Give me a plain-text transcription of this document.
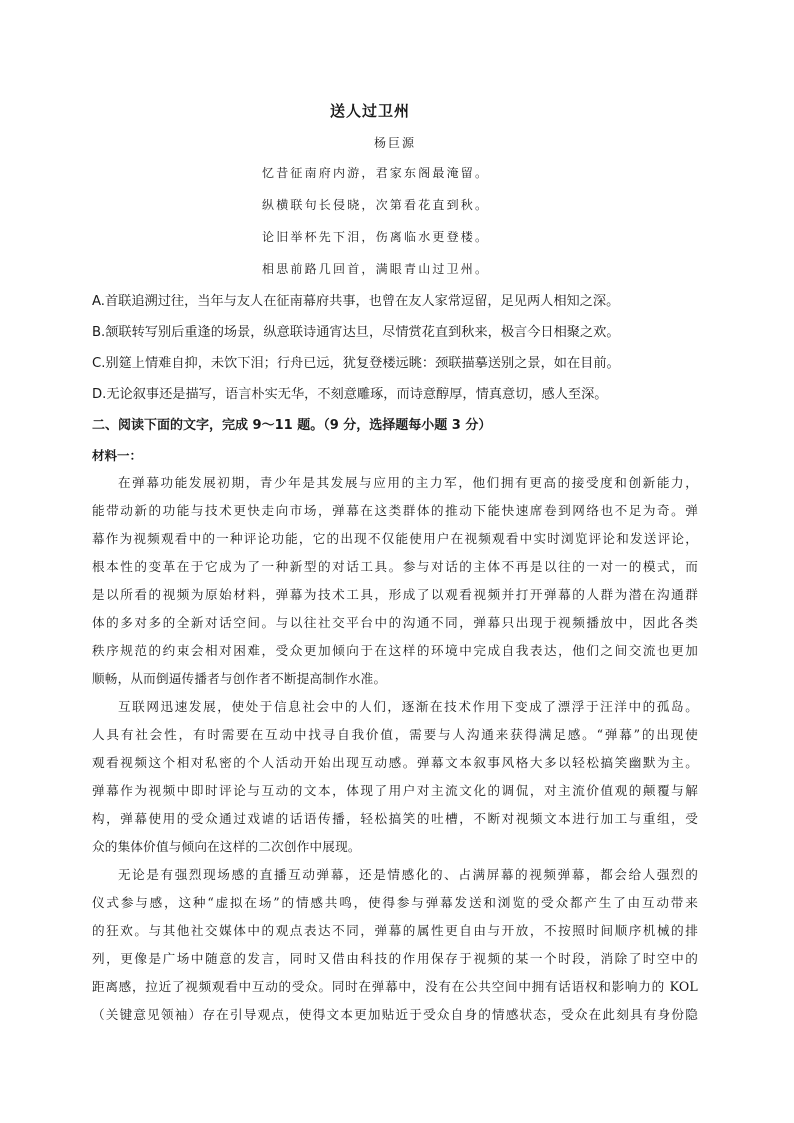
送人过卫州
杨巨源
忆昔征南府内游，君家东阁最淹留。
纵横联句长侵晓，次第看花直到秋。
论旧举杯先下泪，伤离临水更登楼。
相思前路几回首，满眼青山过卫州。
A.首联追溯过往，当年与友人在征南幕府共事，也曾在友人家常逗留，足见两人相知之深。
B.颔联转写别后重逢的场景，纵意联诗通宵达旦，尽情赏花直到秋来，极言今日相聚之欢。
C.别筵上情难自抑，未饮下泪；行舟已远，犹复登楼远眺：颈联描摹送别之景，如在目前。
D.无论叙事还是描写，语言朴实无华，不刻意雕琢，而诗意醇厚，情真意切，感人至深。
二、阅读下面的文字，完成 9～11 题。（9 分，选择题每小题 3 分）
材料一：
在弹幕功能发展初期，青少年是其发展与应用的主力军，他们拥有更高的接受度和创新能力，
能带动新的功能与技术更快走向市场，弹幕在这类群体的推动下能快速席卷到网络也不足为奇。弹
幕作为视频观看中的一种评论功能，它的出现不仅能使用户在视频观看中实时浏览评论和发送评论，
根本性的变革在于它成为了一种新型的对话工具。参与对话的主体不再是以往的一对一的模式，而
是以所看的视频为原始材料，弹幕为技术工具，形成了以观看视频并打开弹幕的人群为潜在沟通群
体的多对多的全新对话空间。与以往社交平台中的沟通不同，弹幕只出现于视频播放中，因此各类
秩序规范的约束会相对困难，受众更加倾向于在这样的环境中完成自我表达，他们之间交流也更加
顺畅，从而倒逼传播者与创作者不断提高制作水准。
互联网迅速发展，使处于信息社会中的人们，逐渐在技术作用下变成了漂浮于汪洋中的孤岛。
人具有社会性，有时需要在互动中找寻自我价值，需要与人沟通来获得满足感。“弹幕”的出现使
观看视频这个相对私密的个人活动开始出现互动感。弹幕文本叙事风格大多以轻松搞笑幽默为主。
弹幕作为视频中即时评论与互动的文本，体现了用户对主流文化的调侃，对主流价值观的颠覆与解
构，弹幕使用的受众通过戏谑的话语传播，轻松搞笑的吐槽，不断对视频文本进行加工与重组，受
众的集体价值与倾向在这样的二次创作中展现。
无论是有强烈现场感的直播互动弹幕，还是情感化的、占满屏幕的视频弹幕，都会给人强烈的
仪式参与感，这种“虚拟在场”的情感共鸣，使得参与弹幕发送和浏览的受众都产生了由互动带来
的狂欢。与其他社交媒体中的观点表达不同，弹幕的属性更自由与开放，不按照时间顺序机械的排
列，更像是广场中随意的发言，同时又借由科技的作用保存于视频的某一个时段，消除了时空中的
距离感，拉近了视频观看中互动的受众。同时在弹幕中，没有在公共空间中拥有话语权和影响力的 KOL
（关键意见领袖）存在引导观点，使得文本更加贴近于受众自身的情感状态，受众在此刻具有身份隐
